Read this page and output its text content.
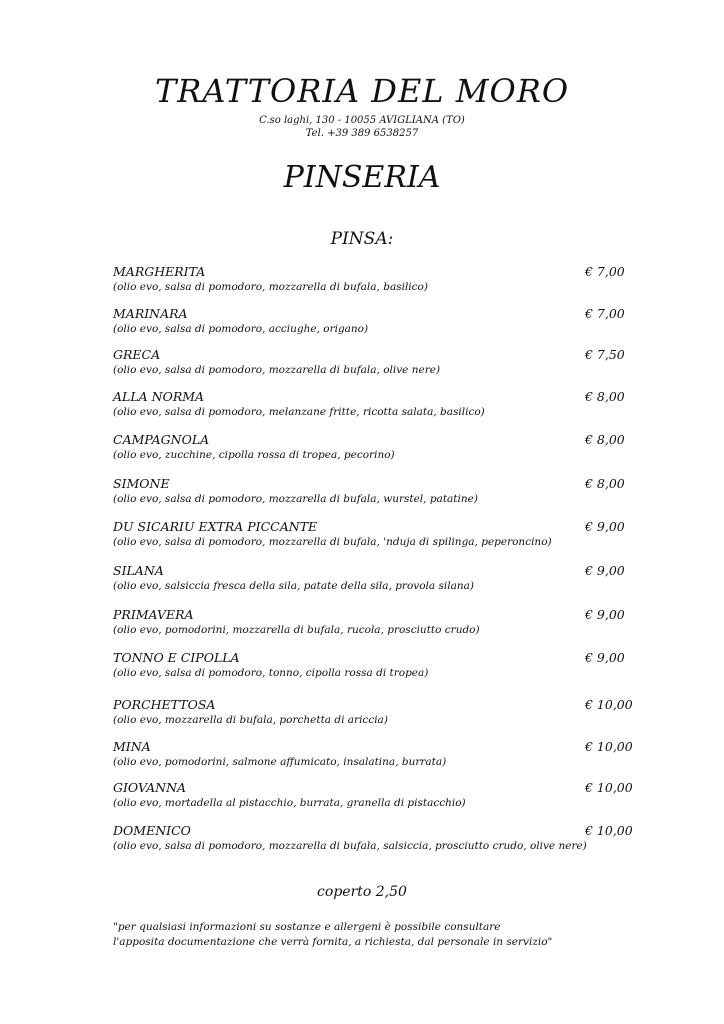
TRATTORIA DEL MORO
C.so laghi, 130 - 10055 AVIGLIANA (TO)
Tel. +39 389 6538257
PINSERIA
PINSA:
MARGHERITA
(olio evo, salsa di pomodoro, mozzarella di bufala, basilico)
€ 7,00
MARINARA
(olio evo, salsa di pomodoro, acciughe, origano)
€ 7,00
GRECA
(olio evo, salsa di pomodoro, mozzarella di bufala, olive nere)
€ 7,50
ALLA NORMA
(olio evo, salsa di pomodoro, melanzane fritte, ricotta salata, basilico)
€ 8,00
CAMPAGNOLA
(olio evo, zucchine, cipolla rossa di tropea, pecorino)
€ 8,00
SIMONE
(olio evo, salsa di pomodoro, mozzarella di bufala, wurstel, patatine)
€ 8,00
DU SICARIU EXTRA PICCANTE
(olio evo, salsa di pomodoro, mozzarella di bufala, 'nduja di spilinga, peperoncino)
€ 9,00
SILANA
(olio evo, salsiccia fresca della sila, patate della sila, provola silana)
€ 9,00
PRIMAVERA
(olio evo, pomodorini, mozzarella di bufala, rucola, prosciutto crudo)
€ 9,00
TONNO E CIPOLLA
(olio evo, salsa di pomodoro, tonno, cipolla rossa di tropea)
€ 9,00
PORCHETTOSA
(olio evo, mozzarella di bufala, porchetta di ariccia)
€ 10,00
MINA
(olio evo, pomodorini, salmone affumicato, insalatina, burrata)
€ 10,00
GIOVANNA
(olio evo, mortadella al pistacchio, burrata, granella di pistacchio)
€ 10,00
DOMENICO
(olio evo, salsa di pomodoro, mozzarella di bufala, salsiccia, prosciutto crudo, olive nere)
€ 10,00
coperto 2,50
"per qualsiasi informazioni su sostanze e allergeni è possibile consultare
l'apposita documentazione che verrà fornita, a richiesta, dal personale in servizio"
